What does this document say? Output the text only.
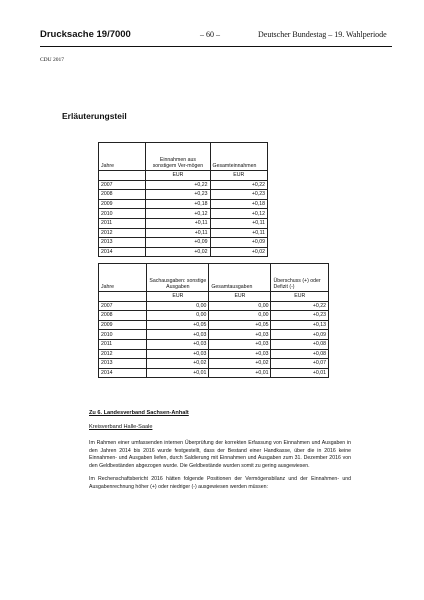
Drucksache 19/7000	– 60 –	Deutscher Bundestag – 19. Wahlperiode
CDU 2017
Erläuterungsteil
Jahre	Einnahmen aus sonstigem Ver-mögen	Gesamteinnahmen
	EUR	EUR
2007	+0,22	+0,22
2008	+0,23	+0,23
2009	+0,18	+0,18
2010	+0,12	+0,12
2011	+0,11	+0,11
2012	+0,11	+0,11
2013	+0,09	+0,09
2014	+0,02	+0,02
Jahre	Sachausgaben: sonstige Ausgaben	Gesamtausgaben	Überschuss (+) oder Defizit (-)
	EUR	EUR	EUR
2007	0,00	0,00	+0,22
2008	0,00	0,00	+0,23
2009	+0,05	+0,05	+0,13
2010	+0,03	+0,03	+0,09
2011	+0,03	+0,03	+0,08
2012	+0,03	+0,03	+0,08
2013	+0,02	+0,02	+0,07
2014	+0,01	+0,01	+0,01
Zu 6. Landesverband Sachsen-Anhalt
Kreisverband Halle-Saale
Im Rahmen einer umfassenden internen Überprüfung der korrekten Erfassung von Einnahmen und Ausgaben in den Jahren 2014 bis 2016 wurde festgestellt, dass der Bestand einer Handkasse, über die in 2016 keine Einnahmen- und Ausgaben liefen, durch Saldierung mit Einnahmen und Ausgaben zum 31. Dezember 2016 von den Geldbeständen abgezogen wurde. Die Geldbestände wurden somit zu gering ausgewiesen.
Im Rechenschaftsbericht 2016 hätten folgende Positionen der Vermögensbilanz und der Einnahmen- und Ausgabenrechnung höher (+) oder niedriger (-) ausgewiesen werden müssen:
